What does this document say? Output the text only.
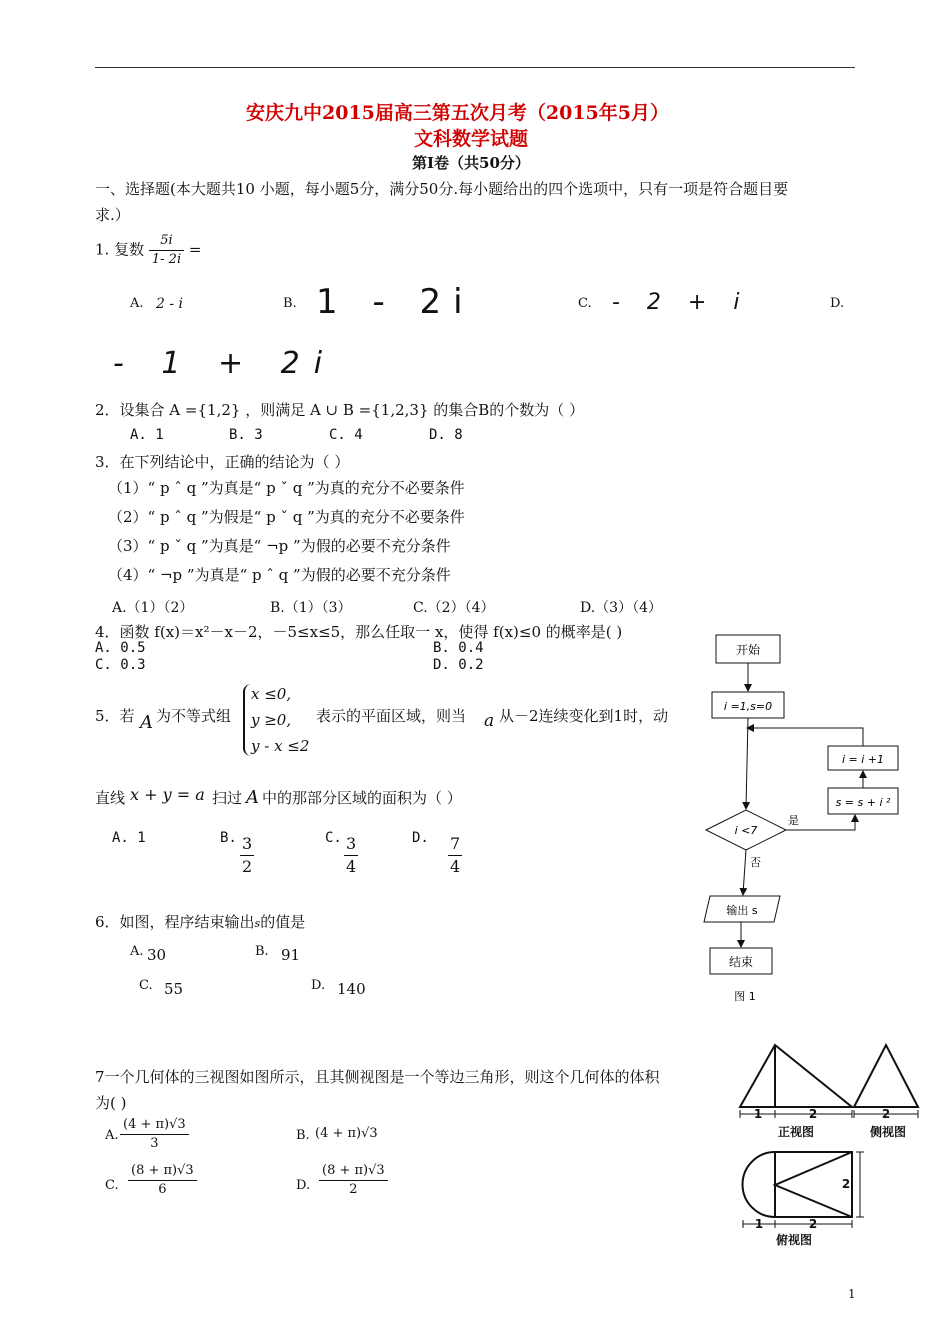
安庆九中2015届高三第五次月考（2015年5月）
文科数学试题
第Ⅰ卷（共50分）
一、选择题(本大题共10 小题，每小题5分，满分50分.每小题给出的四个选项中，只有一项是符合题目要
求.）
1. 复数 $\frac{5i}{1- 2i}$ =
A. 2 - i	B. 1 - 2i	C. - 2 + i	D.
- 1 + 2i
2．设集合 A ={1,2} ，则满足 A ∪ B ={1,2,3} 的集合B的个数为（ ）
A. 1	B. 3	C. 4	D. 8
3．在下列结论中，正确的结论为（ ）
（1）“ p ˆ q ”为真是“ p ˇ q ”为真的充分不必要条件
（2）“ p ˆ q ”为假是“ p ˇ q ”为真的充分不必要条件
（3）“ p ˇ q ”为真是“ ¬p ”为假的必要不充分条件
（4）“ ¬p ”为真是“ p ˆ q ”为假的必要不充分条件
A.（1）（2）	B.（1）（3）	C.（2）（4）	D.（3）（4）
4．函数 f(x)＝x²－x－2，－5≤x≤5，那么任取一 x，使得 f(x)≤0 的概率是( )
A. 0.5	B. 0.4
C. 0.3	D. 0.2
5．若 A 为不等式组
x ≤0,
y ≥0,
y - x ≤2
表示的平面区域，则当 a 从－2连续变化到1时，动
直线 x + y = a 扫过 A 中的那部分区域的面积为（ ）
A. 1	B. $\frac{3}{2}$	C. $\frac{3}{4}$	D. $\frac{7}{4}$
6．如图，程序结束输出s的值是
A. 30	B. 91
C. 55	D. 140
开始
i =1,s=0
i = i +1
s = s + i ²
i <7
是
否
输出 s
结束
图 1
7一个几何体的三视图如图所示，且其侧视图是一个等边三角形，则这个几何体的体积
为( )
A. $\frac{(4 + \pi)√3}{3}$	B. (4 + π)√3
C. $\frac{(8 + \pi)√3}{6}$	D. $\frac{(8 + \pi)√3}{2}$
1	2	2
正视图	侧视图
2
1	2
俯视图
1
